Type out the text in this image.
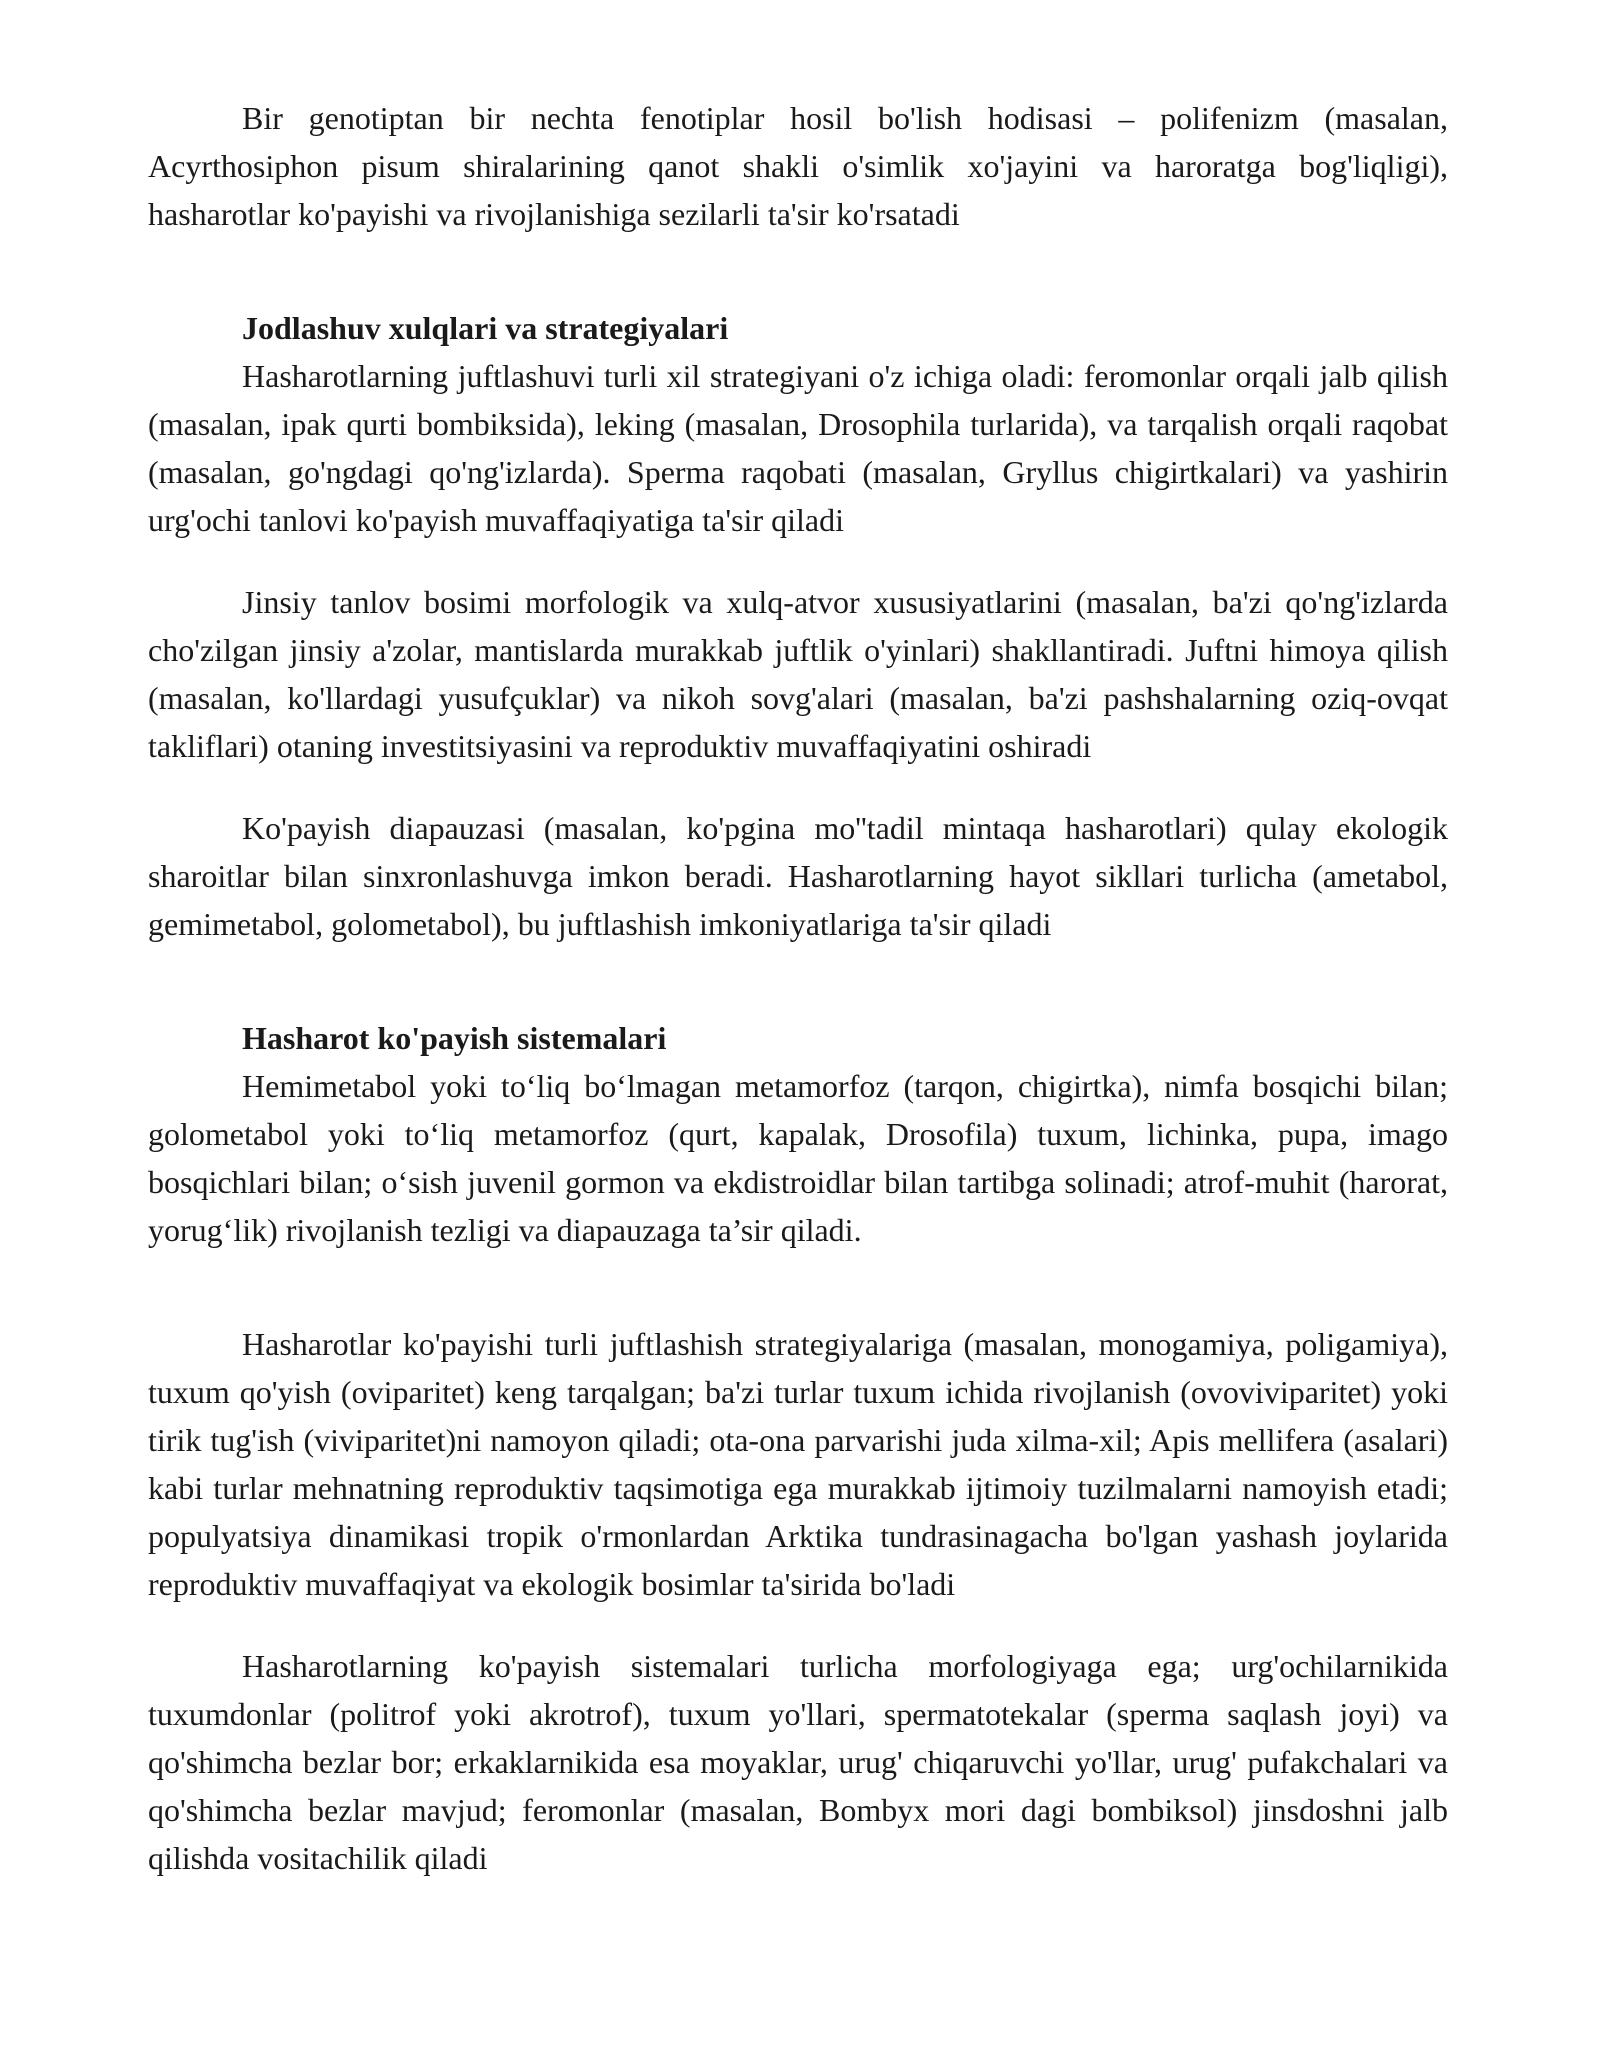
Bir genotiptan bir nechta fenotiplar hosil bo'lish hodisasi – polifenizm (masalan, Acyrthosiphon pisum shiralarining qanot shakli o'simlik xo'jayini va haroratga bog'liqligi), hasharotlar ko'payishi va rivojlanishiga sezilarli ta'sir ko'rsatadi

Jodlashuv xulqlari va strategiyalari

Hasharotlarning juftlashuvi turli xil strategiyani o'z ichiga oladi: feromonlar orqali jalb qilish (masalan, ipak qurti bombiksida), leking (masalan, Drosophila turlarida), va tarqalish orqali raqobat (masalan, go'ngdagi qo'ng'izlarda). Sperma raqobati (masalan, Gryllus chigirtkalari) va yashirin urg'ochi tanlovi ko'payish muvaffaqiyatiga ta'sir qiladi

Jinsiy tanlov bosimi morfologik va xulq-atvor xususiyatlarini (masalan, ba'zi qo'ng'izlarda cho'zilgan jinsiy a'zolar, mantislarda murakkab juftlik o'yinlari) shakllantiradi. Juftni himoya qilish (masalan, ko'llardagi yusufçuklar) va nikoh sovg'alari (masalan, ba'zi pashshalarning oziq-ovqat takliflari) otaning investitsiyasini va reproduktiv muvaffaqiyatini oshiradi

Ko'payish diapauzasi (masalan, ko'pgina mo''tadil mintaqa hasharotlari) qulay ekologik sharoitlar bilan sinxronlashuvga imkon beradi. Hasharotlarning hayot sikllari turlicha (ametabol, gemimetabol, golometabol), bu juftlashish imkoniyatlariga ta'sir qiladi

Hasharot ko'payish sistemalari

Hemimetabol yoki to‘liq bo‘lmagan metamorfoz (tarqon, chigirtka), nimfa bosqichi bilan; golometabol yoki to‘liq metamorfoz (qurt, kapalak, Drosofila) tuxum, lichinka, pupa, imago bosqichlari bilan; o‘sish juvenil gormon va ekdistroidlar bilan tartibga solinadi; atrof-muhit (harorat, yorug‘lik) rivojlanish tezligi va diapauzaga ta’sir qiladi.

Hasharotlar ko'payishi turli juftlashish strategiyalariga (masalan, monogamiya, poligamiya), tuxum qo'yish (oviparitet) keng tarqalgan; ba'zi turlar tuxum ichida rivojlanish (ovoviviparitet) yoki tirik tug'ish (viviparitet)ni namoyon qiladi; ota-ona parvarishi juda xilma-xil; Apis mellifera (asalari) kabi turlar mehnatning reproduktiv taqsimotiga ega murakkab ijtimoiy tuzilmalarni namoyish etadi; populyatsiya dinamikasi tropik o'rmonlardan Arktika tundrasinagacha bo'lgan yashash joylarida reproduktiv muvaffaqiyat va ekologik bosimlar ta'sirida bo'ladi

Hasharotlarning ko'payish sistemalari turlicha morfologiyaga ega; urg'ochilarnikida tuxumdonlar (politrof yoki akrotrof), tuxum yo'llari, spermatotekalar (sperma saqlash joyi) va qo'shimcha bezlar bor; erkaklarnikida esa moyaklar, urug' chiqaruvchi yo'llar, urug' pufakchalari va qo'shimcha bezlar mavjud; feromonlar (masalan, Bombyx mori dagi bombiksol) jinsdoshni jalb qilishda vositachilik qiladi
